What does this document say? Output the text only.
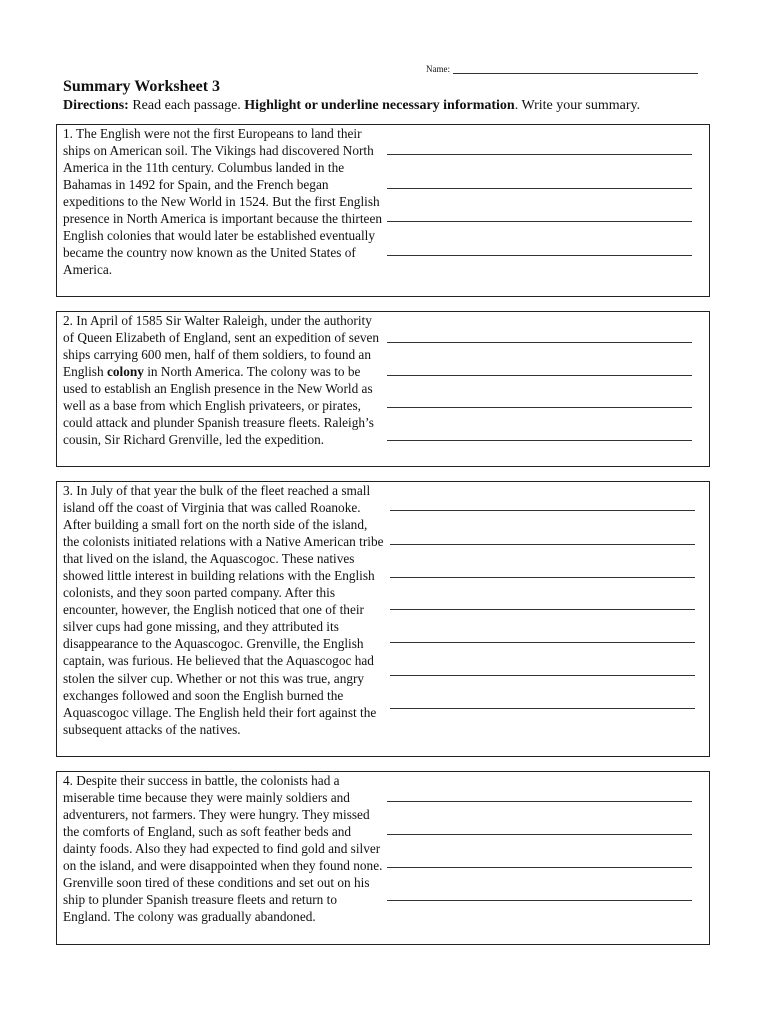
Name:
Summary Worksheet 3
Directions: Read each passage. Highlight or underline necessary information. Write your summary.
1. The English were not the first Europeans to land their ships on American soil. The Vikings had discovered North America in the 11th century. Columbus landed in the Bahamas in 1492 for Spain, and the French began expeditions to the New World in 1524. But the first English presence in North America is important because the thirteen English colonies that would later be established eventually became the country now known as the United States of America.
2. In April of 1585 Sir Walter Raleigh, under the authority of Queen Elizabeth of England, sent an expedition of seven ships carrying 600 men, half of them soldiers, to found an English colony in North America. The colony was to be used to establish an English presence in the New World as well as a base from which English privateers, or pirates, could attack and plunder Spanish treasure fleets. Raleigh’s cousin, Sir Richard Grenville, led the expedition.
3. In July of that year the bulk of the fleet reached a small island off the coast of Virginia that was called Roanoke. After building a small fort on the north side of the island, the colonists initiated relations with a Native American tribe that lived on the island, the Aquascogoc. These natives showed little interest in building relations with the English colonists, and they soon parted company. After this encounter, however, the English noticed that one of their silver cups had gone missing, and they attributed its disappearance to the Aquascogoc. Grenville, the English captain, was furious. He believed that the Aquascogoc had stolen the silver cup. Whether or not this was true, angry exchanges followed and soon the English burned the Aquascogoc village. The English held their fort against the subsequent attacks of the natives.
4. Despite their success in battle, the colonists had a miserable time because they were mainly soldiers and adventurers, not farmers. They were hungry. They missed the comforts of England, such as soft feather beds and dainty foods. Also they had expected to find gold and silver on the island, and were disappointed when they found none. Grenville soon tired of these conditions and set out on his ship to plunder Spanish treasure fleets and return to England. The colony was gradually abandoned.
